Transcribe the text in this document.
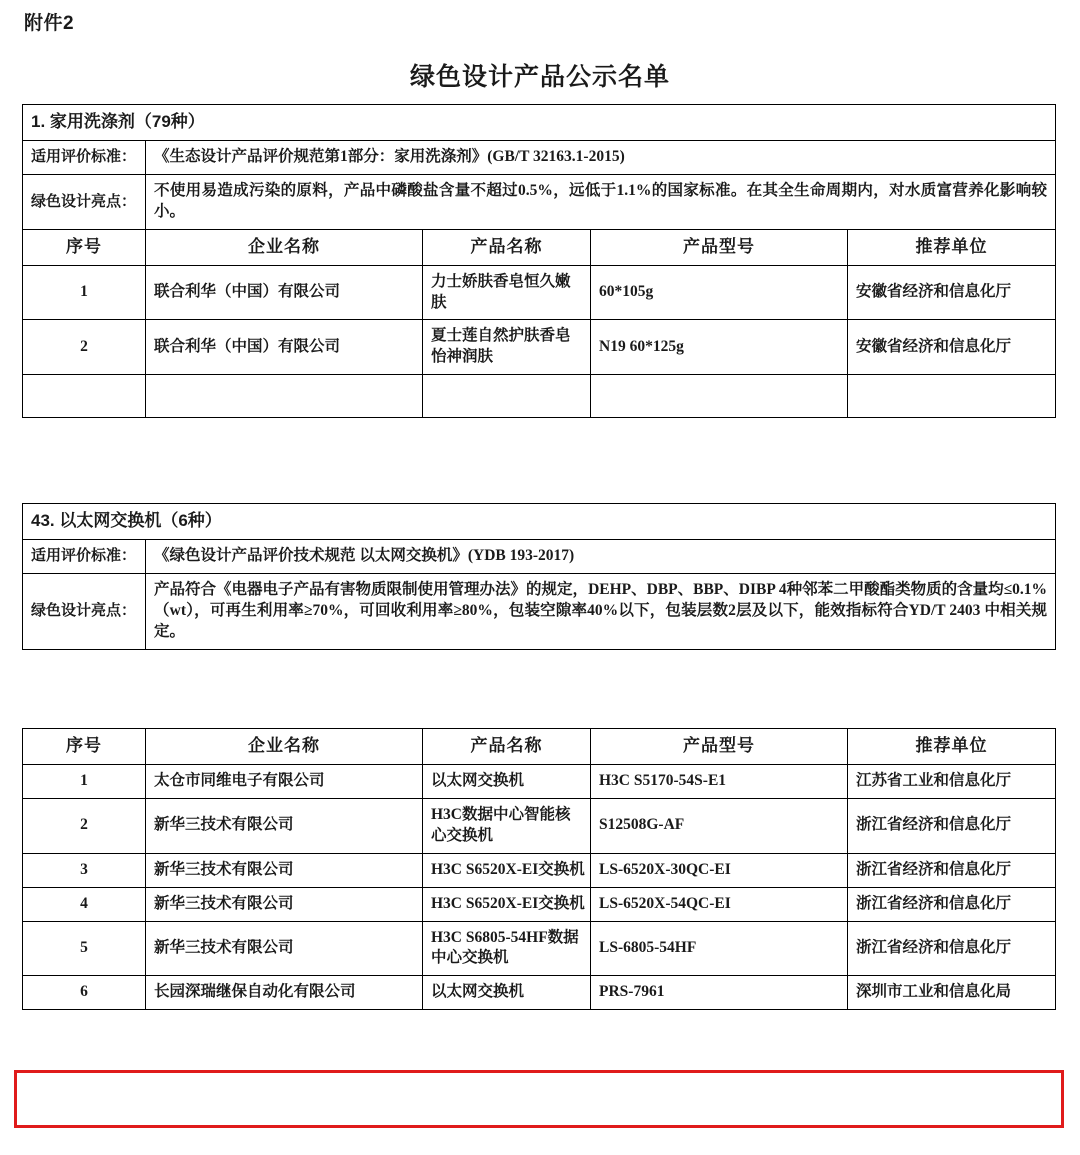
附件2
绿色设计产品公示名单
1. 家用洗涤剂（79种）				
适用评价标准：	《生态设计产品评价规范第1部分：家用洗涤剂》(GB/T 32163.1-2015)			
绿色设计亮点：	不使用易造成污染的原料，产品中磷酸盐含量不超过0.5%，远低于1.1%的国家标准。在其全生命周期内，对水质富营养化影响较小。			
序号	企业名称	产品名称	产品型号	推荐单位
1	联合利华（中国）有限公司	力士娇肤香皂恒久嫩肤	60*105g	安徽省经济和信息化厅
2	联合利华（中国）有限公司	夏士莲自然护肤香皂怡神润肤	N19 60*125g	安徽省经济和信息化厅

43. 以太网交换机（6种）	
适用评价标准：	《绿色设计产品评价技术规范 以太网交换机》(YDB 193-2017)
绿色设计亮点：	产品符合《电器电子产品有害物质限制使用管理办法》的规定，DEHP、DBP、BBP、DIBP 4种邻苯二甲酸酯类物质的含量均≤0.1%（wt），可再生利用率≥70%，可回收利用率≥80%，包装空隙率40%以下，包装层数2层及以下，能效指标符合YD/T 2403 中相关规定。
序号	企业名称	产品名称	产品型号	推荐单位
1	太仓市同维电子有限公司	以太网交换机	H3C S5170-54S-E1	江苏省工业和信息化厅
2	新华三技术有限公司	H3C数据中心智能核心交换机	S12508G-AF	浙江省经济和信息化厅
3	新华三技术有限公司	H3C S6520X-EI交换机	LS-6520X-30QC-EI	浙江省经济和信息化厅
4	新华三技术有限公司	H3C S6520X-EI交换机	LS-6520X-54QC-EI	浙江省经济和信息化厅
5	新华三技术有限公司	H3C S6805-54HF数据中心交换机	LS-6805-54HF	浙江省经济和信息化厅
6	长园深瑞继保自动化有限公司	以太网交换机	PRS-7961	深圳市工业和信息化局
